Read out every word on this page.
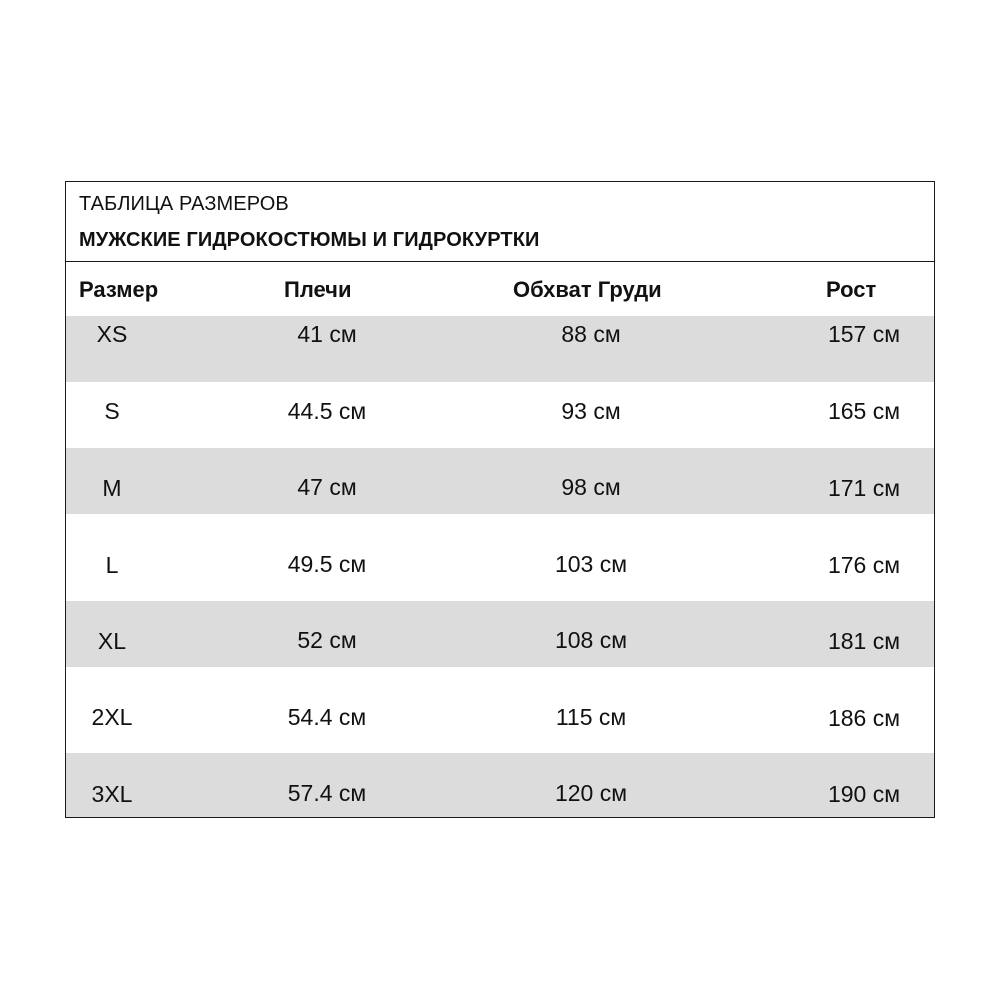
ТАБЛИЦА РАЗМЕРОВ
МУЖСКИЕ ГИДРОКОСТЮМЫ И ГИДРОКУРТКИ
Размер	Плечи	Обхват Груди	Рост
XS	41 см	88 см	157 см
S	44.5 см	93 см	165 см
M	47 см	98 см	171 см
L	49.5 см	103 см	176 см
XL	52 см	108 см	181 см
2XL	54.4 см	115 см	186 см
3XL	57.4 см	120 см	190 см
